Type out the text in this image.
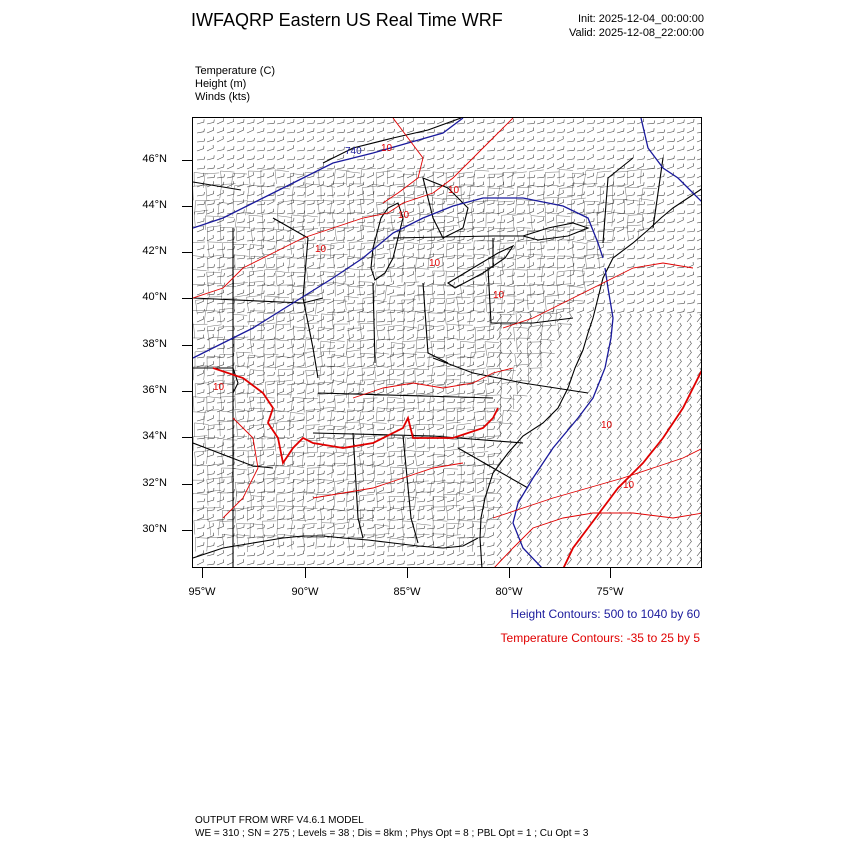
IWFAQRP Eastern US Real Time WRF	Init: 2025-12-04_00:00:00
Valid: 2025-12-08_22:00:00
Temperature (C)
Height (m)
Winds (kts)
740 10
10
10
10
10
10
10
10
10
46°N
44°N
42°N
40°N
38°N
36°N
34°N
32°N
30°N
95°W	90°W	85°W	80°W	75°W
Height Contours: 500 to 1040 by 60
Temperature Contours: -35 to 25 by 5
OUTPUT FROM WRF V4.6.1 MODEL
WE = 310 ; SN = 275 ; Levels = 38 ; Dis = 8km ; Phys Opt = 8 ; PBL Opt = 1 ; Cu Opt = 3
